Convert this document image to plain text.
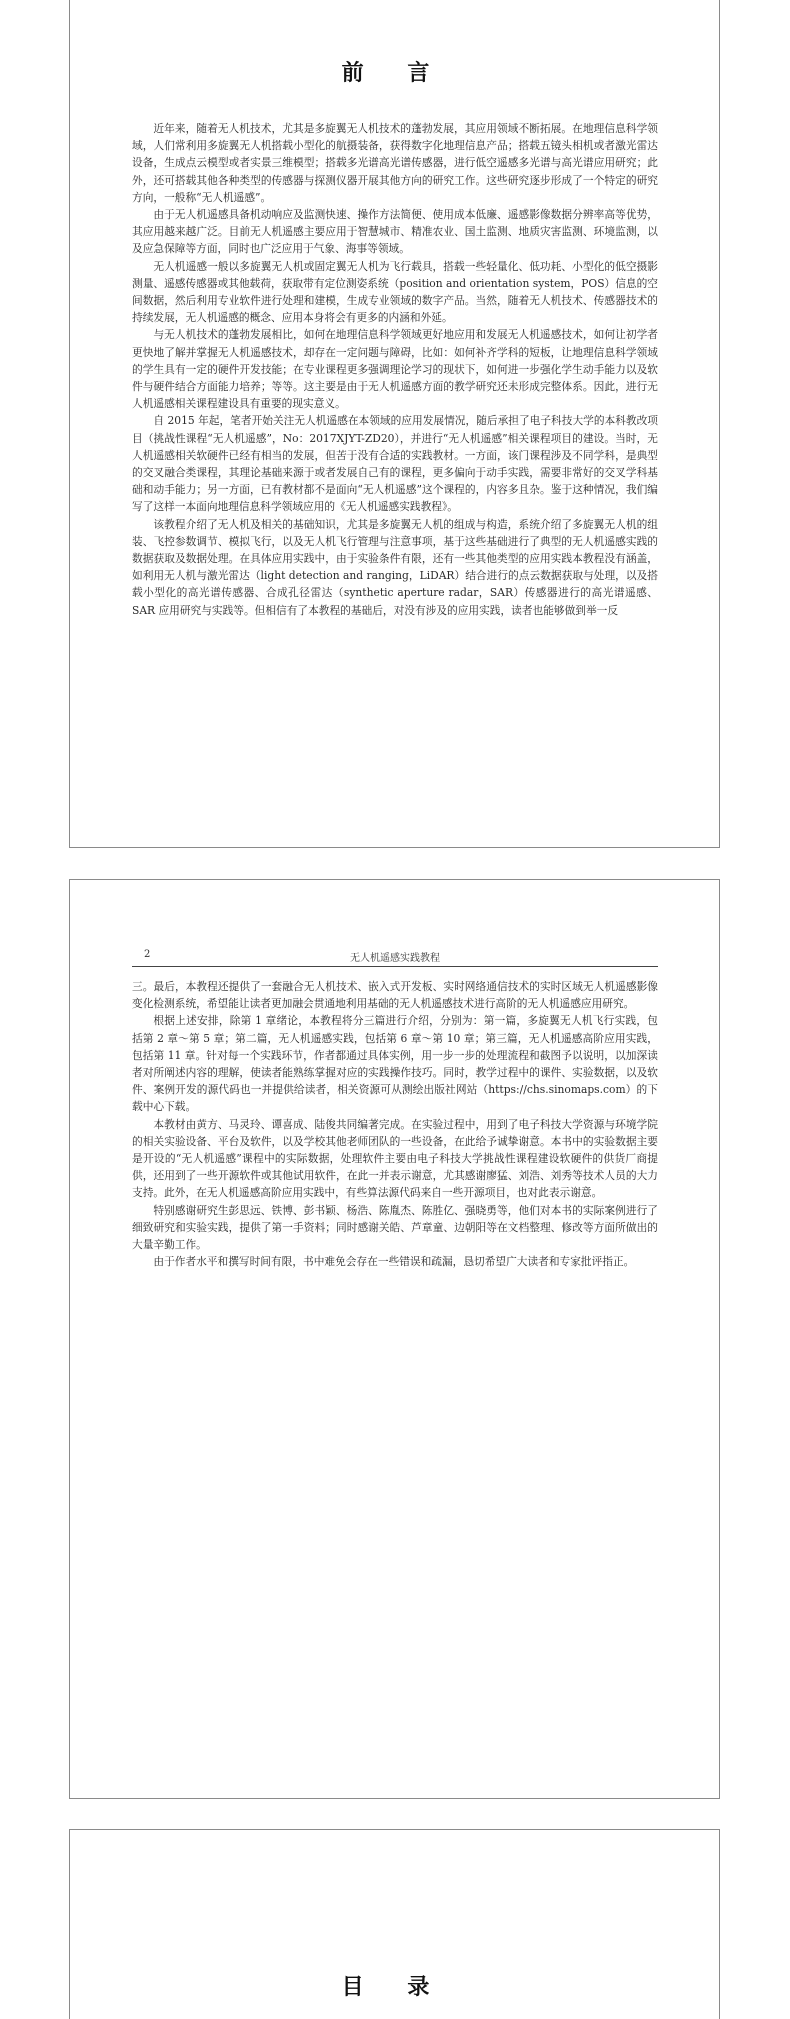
前 言

近年来，随着无人机技术，尤其是多旋翼无人机技术的蓬勃发展，其应用领域不断拓展。在地理信息科学领域，人们常利用多旋翼无人机搭载小型化的航摄装备，获得数字化地理信息产品；搭载五镜头相机或者激光雷达设备，生成点云模型或者实景三维模型；搭载多光谱高光谱传感器，进行低空遥感多光谱与高光谱应用研究；此外，还可搭载其他各种类型的传感器与探测仪器开展其他方向的研究工作。这些研究逐步形成了一个特定的研究方向，一般称“无人机遥感”。

由于无人机遥感具备机动响应及监测快速、操作方法简便、使用成本低廉、遥感影像数据分辨率高等优势，其应用越来越广泛。目前无人机遥感主要应用于智慧城市、精准农业、国土监测、地质灾害监测、环境监测，以及应急保障等方面，同时也广泛应用于气象、海事等领域。

无人机遥感一般以多旋翼无人机或固定翼无人机为飞行载具，搭载一些轻量化、低功耗、小型化的低空摄影测量、遥感传感器或其他载荷，获取带有定位测姿系统（position and orientation system，POS）信息的空间数据，然后利用专业软件进行处理和建模，生成专业领域的数字产品。当然，随着无人机技术、传感器技术的持续发展，无人机遥感的概念、应用本身将会有更多的内涵和外延。

与无人机技术的蓬勃发展相比，如何在地理信息科学领域更好地应用和发展无人机遥感技术，如何让初学者更快地了解并掌握无人机遥感技术，却存在一定问题与障碍，比如：如何补齐学科的短板，让地理信息科学领域的学生具有一定的硬件开发技能；在专业课程更多强调理论学习的现状下，如何进一步强化学生动手能力以及软件与硬件结合方面能力培养；等等。这主要是由于无人机遥感方面的教学研究还未形成完整体系。因此，进行无人机遥感相关课程建设具有重要的现实意义。

自 2015 年起，笔者开始关注无人机遥感在本领域的应用发展情况，随后承担了电子科技大学的本科教改项目（挑战性课程“无人机遥感”，No：2017XJYT-ZD20），并进行“无人机遥感”相关课程项目的建设。当时，无人机遥感相关软硬件已经有相当的发展，但苦于没有合适的实践教材。一方面，该门课程涉及不同学科，是典型的交叉融合类课程，其理论基础来源于或者发展自己有的课程，更多偏向于动手实践，需要非常好的交叉学科基础和动手能力；另一方面，已有教材都不是面向“无人机遥感”这个课程的，内容多且杂。鉴于这种情况，我们编写了这样一本面向地理信息科学领域应用的《无人机遥感实践教程》。

该教程介绍了无人机及相关的基础知识，尤其是多旋翼无人机的组成与构造，系统介绍了多旋翼无人机的组装、飞控参数调节、模拟飞行，以及无人机飞行管理与注意事项，基于这些基础进行了典型的无人机遥感实践的数据获取及数据处理。在具体应用实践中，由于实验条件有限，还有一些其他类型的应用实践本教程没有涵盖，如利用无人机与激光雷达（light detection and ranging，LiDAR）结合进行的点云数据获取与处理，以及搭载小型化的高光谱传感器、合成孔径雷达（synthetic aperture radar，SAR）传感器进行的高光谱遥感、SAR 应用研究与实践等。但相信有了本教程的基础后，对没有涉及的应用实践，读者也能够做到举一反

2	无人机遥感实践教程

三。最后，本教程还提供了一套融合无人机技术、嵌入式开发板、实时网络通信技术的实时区域无人机遥感影像变化检测系统，希望能让读者更加融会贯通地利用基础的无人机遥感技术进行高阶的无人机遥感应用研究。

根据上述安排，除第 1 章绪论，本教程将分三篇进行介绍，分别为：第一篇，多旋翼无人机飞行实践，包括第 2 章～第 5 章；第二篇，无人机遥感实践，包括第 6 章～第 10 章；第三篇，无人机遥感高阶应用实践，包括第 11 章。针对每一个实践环节，作者都通过具体实例，用一步一步的处理流程和截图予以说明，以加深读者对所阐述内容的理解，使读者能熟练掌握对应的实践操作技巧。同时，教学过程中的课件、实验数据，以及软件、案例开发的源代码也一并提供给读者，相关资源可从测绘出版社网站（https://chs.sinomaps.com）的下载中心下载。

本教材由黄方、马灵玲、谭喜成、陆俊共同编著完成。在实验过程中，用到了电子科技大学资源与环境学院的相关实验设备、平台及软件，以及学校其他老师团队的一些设备，在此给予诚挚谢意。本书中的实验数据主要是开设的“无人机遥感”课程中的实际数据，处理软件主要由电子科技大学挑战性课程建设软硬件的供货厂商提供，还用到了一些开源软件或其他试用软件，在此一并表示谢意，尤其感谢廖猛、刘浩、刘秀等技术人员的大力支持。此外，在无人机遥感高阶应用实践中，有些算法源代码来自一些开源项目，也对此表示谢意。

特别感谢研究生彭思远、铁博、彭书颖、杨浩、陈胤杰、陈胜亿、强晓勇等，他们对本书的实际案例进行了细致研究和实验实践，提供了第一手资料；同时感谢关皓、芦章童、边朝阳等在文档整理、修改等方面所做出的大量辛勤工作。

由于作者水平和撰写时间有限，书中难免会存在一些错误和疏漏，恳切希望广大读者和专家批评指正。

目 录
